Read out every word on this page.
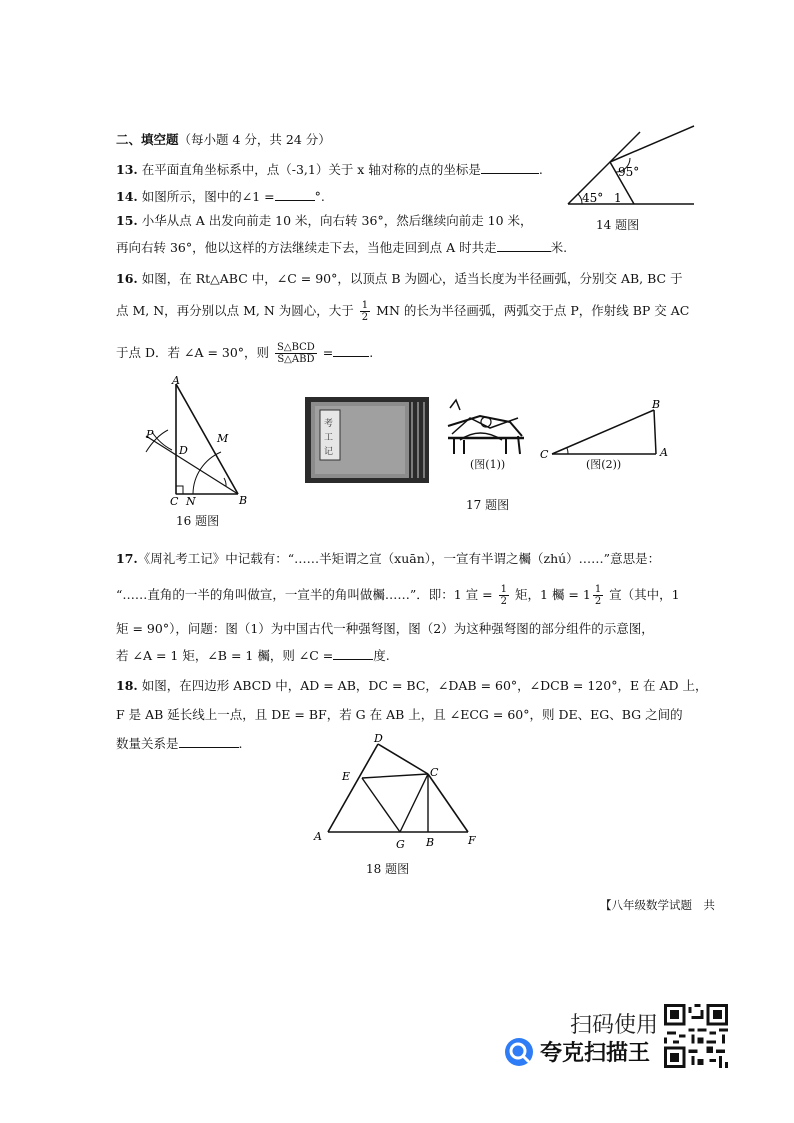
二、填空题（每小题 4 分，共 24 分）
13. 在平面直角坐标系中，点（-3,1）关于 x 轴对称的点的坐标是	.
14. 如图所示，图中的∠1 =	°.
15. 小华从点 A 出发向前走 10 米，向右转 36°，然后继续向前走 10 米，
再向右转 36°，他以这样的方法继续走下去，当他走回到点 A 时共走	米.
95°
45° 1
14 题图
16. 如图，在 Rt△ABC 中，∠C = 90°，以顶点 B 为圆心，适当长度为半径画弧，分别交 AB, BC 于
点 M, N，再分别以点 M, N 为圆心，大于 $\frac{1}{2}$ MN 的长为半径画弧，两弧交于点 P，作射线 BP 交 AC
于点 D．若 ∠A = 30°，则 $\frac{\text{S△BCD}}{\text{S△ABD}}$ =	.
A
B
C
D
M
N
P
16 题图
考
工
记
(图(1))
C
B
A
(图(2))
17 题图
17.《周礼考工记》中记载有：“……半矩谓之宣（xuān），一宣有半谓之欘（zhú）……”意思是：
“……直角的一半的角叫做宣，一宣半的角叫做欘……”．即：1 宣 = $\frac{1}{2}$ 矩，1 欘 = $1 \frac{1}{2}$ 宣（其中，1
矩 = 90°），问题：图（1）为中国古代一种强弩图，图（2）为这种强弩图的部分组件的示意图，
若 ∠A = 1 矩，∠B = 1 欘，则 ∠C =	度.
18. 如图，在四边形 ABCD 中，AD = AB，DC = BC，∠DAB = 60°，∠DCB = 120°，E 在 AD 上，
F 是 AB 延长线上一点，且 DE = BF，若 G 在 AB 上，且 ∠ECG = 60°，则 DE、EG、BG 之间的
数量关系是	.	D
E	C
A
G B	F
18 题图
【八年级数学试题　共
扫码使用
夸克扫描王
